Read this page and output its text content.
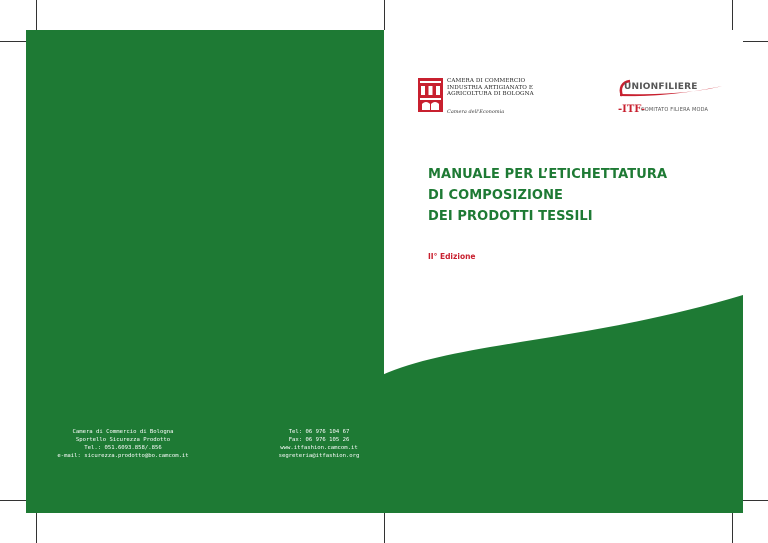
CAMERA DI COMMERCIO
INDUSTRIA ARTIGIANATO E
AGRICOLTURA DI BOLOGNA
Camera dell'Economia
UNIONFILIERE
-ITF-
COMITATO FILIERA MODA
MANUALE PER L’ETICHETTATURA
DI COMPOSIZIONE
DEI PRODOTTI TESSILI
II° Edizione
Camera di Commercio di Bologna
Sportello Sicurezza Prodotto
Tel.: 051.6093.858/.856
e-mail: sicurezza.prodotto@bo.camcom.it
Tel: 06 976 104 67
Fax: 06 976 105 26
www.itfashion.camcom.it
segreteria@itfashion.org
